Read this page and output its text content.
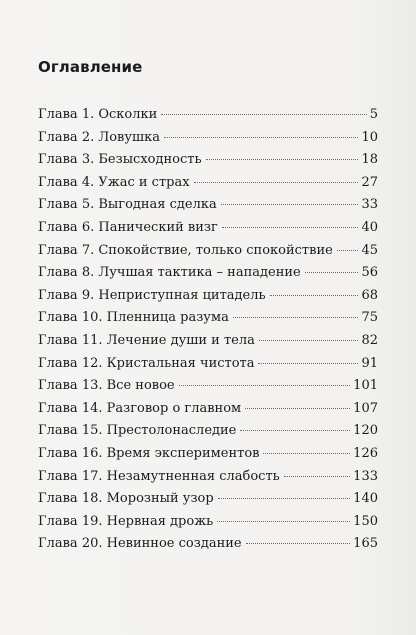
Оглавление
Глава 1. Осколки	5
Глава 2. Ловушка	10
Глава 3. Безысходность	18
Глава 4. Ужас и страх	27
Глава 5. Выгодная сделка	33
Глава 6. Панический визг	40
Глава 7. Спокойствие, только спокойствие 45
Глава 8. Лучшая тактика – нападение	56
Глава 9. Неприступная цитадель	68
Глава 10. Пленница разума	75
Глава 11. Лечение души и тела	82
Глава 12. Кристальная чистота	91
Глава 13. Все новое	101
Глава 14. Разговор о главном	107
Глава 15. Престолонаследие	120
Глава 16. Время экспериментов	126
Глава 17. Незамутненная слабость	133
Глава 18. Морозный узор	140
Глава 19. Нервная дрожь	150
Глава 20. Невинное создание	165
